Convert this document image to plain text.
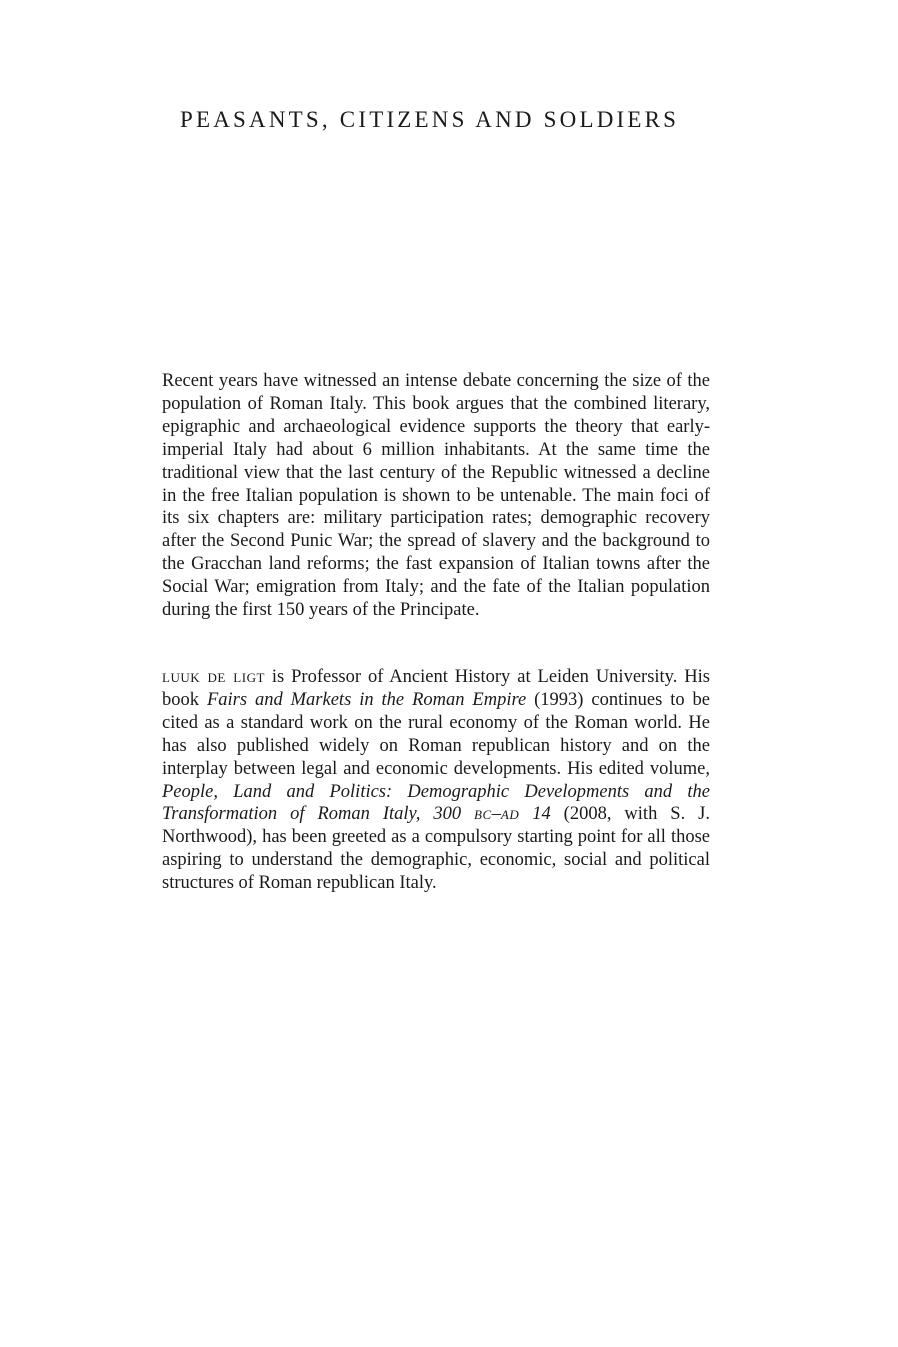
PEASANTS, CITIZENS AND SOLDIERS

Recent years have witnessed an intense debate concerning the size of the population of Roman Italy. This book argues that the combined literary, epigraphic and archaeological evidence supports the theory that early-imperial Italy had about 6 million inhabitants. At the same time the traditional view that the last century of the Republic witnessed a decline in the free Italian population is shown to be untenable. The main foci of its six chapters are: military participation rates; demographic recovery after the Second Punic War; the spread of slavery and the background to the Gracchan land reforms; the fast expansion of Italian towns after the Social War; emigration from Italy; and the fate of the Italian population during the first 150 years of the Principate.

luuk de ligt is Professor of Ancient History at Leiden University. His book Fairs and Markets in the Roman Empire (1993) continues to be cited as a standard work on the rural economy of the Roman world. He has also published widely on Roman republican history and on the interplay between legal and economic developments. His edited volume, People, Land and Politics: Demographic Developments and the Transformation of Roman Italy, 300 bc–ad 14 (2008, with S. J. Northwood), has been greeted as a compulsory starting point for all those aspiring to understand the demographic, economic, social and political structures of Roman republican Italy.
